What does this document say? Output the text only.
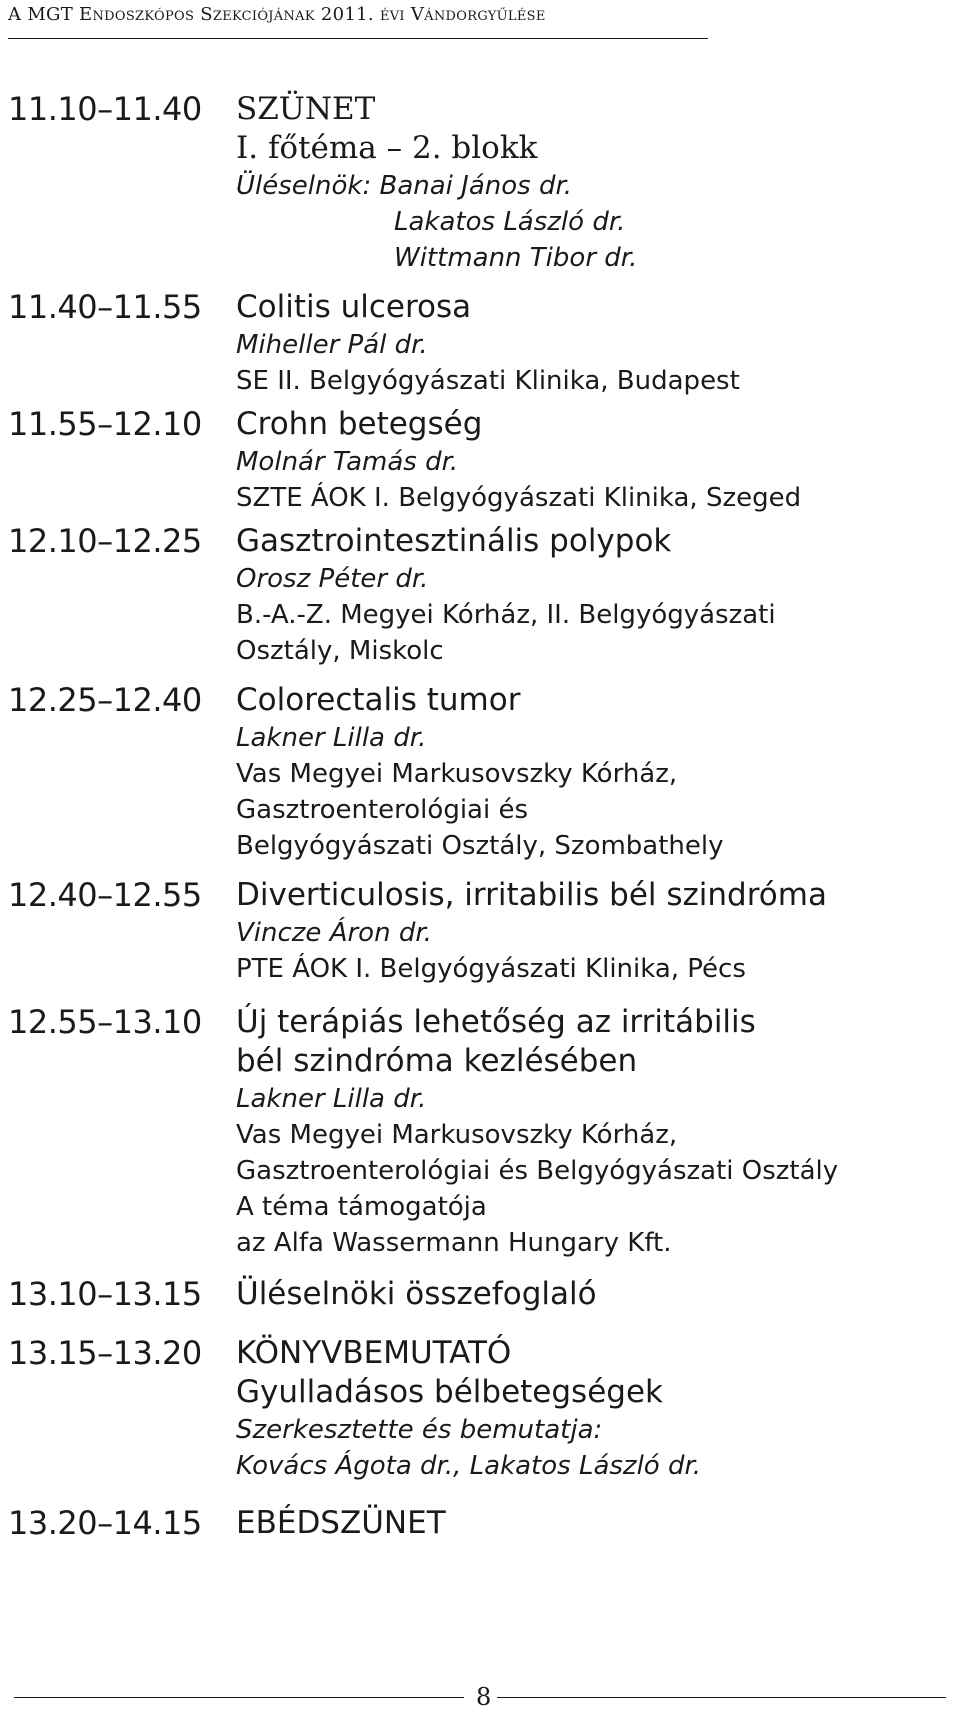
A MGT Endoszkópos Szekciójának 2011. évi Vándorgyűlése
11.10–11.40	SZÜNET
I. főtéma – 2. blokk
Üléselnök: Banai János dr.
Lakatos László dr.
Wittmann Tibor dr.
11.40–11.55	Colitis ulcerosa
Miheller Pál dr.
SE II. Belgyógyászati Klinika, Budapest
11.55–12.10	Crohn betegség
Molnár Tamás dr.
SZTE ÁOK I. Belgyógyászati Klinika, Szeged
12.10–12.25	Gasztrointesztinális polypok
Orosz Péter dr.
B.-A.-Z. Megyei Kórház, II. Belgyógyászati
Osztály, Miskolc
12.25–12.40	Colorectalis tumor
Lakner Lilla dr.
Vas Megyei Markusovszky Kórház,
Gasztroenterológiai és
Belgyógyászati Osztály, Szombathely
12.40–12.55	Diverticulosis, irritabilis bél szindróma
Vincze Áron dr.
PTE ÁOK I. Belgyógyászati Klinika, Pécs
12.55–13.10	Új terápiás lehetőség az irritábilis
bél szindróma kezlésében
Lakner Lilla dr.
Vas Megyei Markusovszky Kórház,
Gasztroenterológiai és Belgyógyászati Osztály
A téma támogatója
az Alfa Wassermann Hungary Kft.
13.10–13.15	Üléselnöki összefoglaló
13.15–13.20	KÖNYVBEMUTATÓ
Gyulladásos bélbetegségek
Szerkesztette és bemutatja:
Kovács Ágota dr., Lakatos László dr.
13.20–14.15	EBÉDSZÜNET
8
